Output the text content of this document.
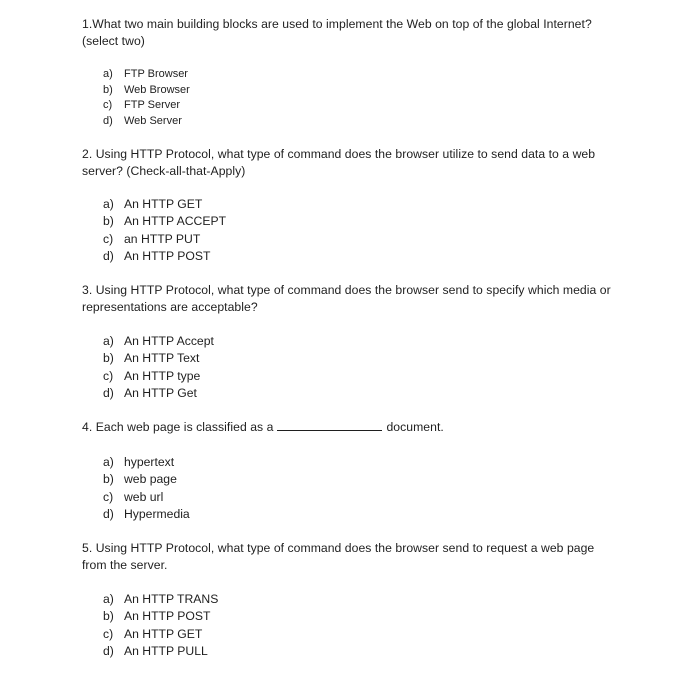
1.What two main building blocks are used to implement the Web on top of the global Internet? (select two)
a)	FTP Browser
b)	Web Browser
c)	FTP Server
d)	Web Server
2. Using HTTP Protocol, what type of command does the browser utilize to send data to a web server? (Check-all-that-Apply)
a) An HTTP GET
b) An HTTP ACCEPT
c) an HTTP PUT
d) An HTTP POST
3. Using HTTP Protocol, what type of command does the browser send to specify which media or representations are acceptable?
a) An HTTP Accept
b) An HTTP Text
c) An HTTP type
d) An HTTP Get
4. Each web page is classified as a	document.
a) hypertext
b) web page
c) web url
d) Hypermedia
5. Using HTTP Protocol, what type of command does the browser send to request a web page from the server.
a) An HTTP TRANS
b) An HTTP POST
c) An HTTP GET
d) An HTTP PULL
